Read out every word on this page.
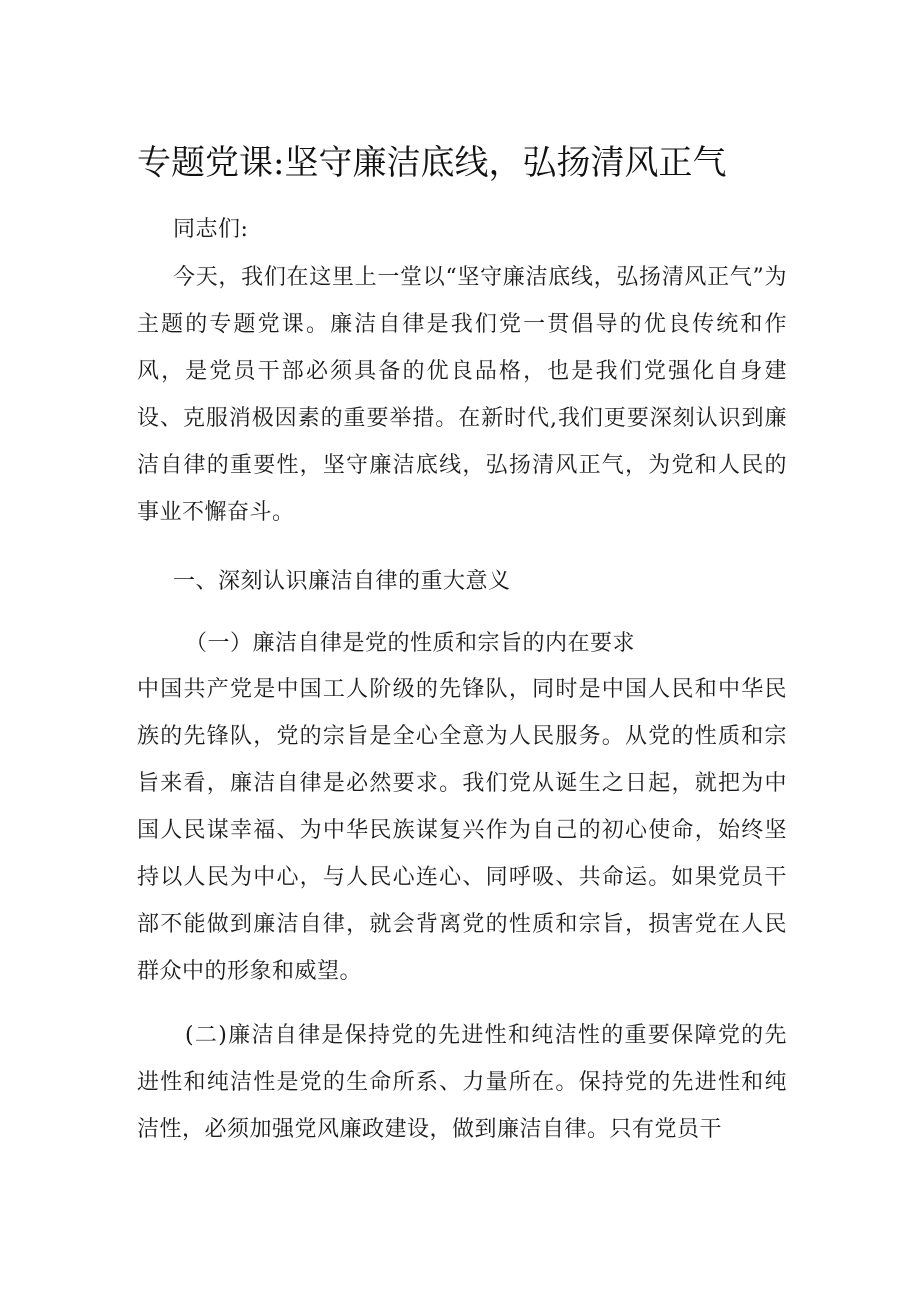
专题党课:坚守廉洁底线，弘扬清风正气

同志们:

今天，我们在这里上一堂以“坚守廉洁底线，弘扬清风正气”为主题的专题党课。廉洁自律是我们党一贯倡导的优良传统和作风，是党员干部必须具备的优良品格，也是我们党强化自身建设、克服消极因素的重要举措。在新时代,我们更要深刻认识到廉洁自律的重要性，坚守廉洁底线，弘扬清风正气，为党和人民的事业不懈奋斗。

一、深刻认识廉洁自律的重大意义

（一）廉洁自律是党的性质和宗旨的内在要求

中国共产党是中国工人阶级的先锋队，同时是中国人民和中华民族的先锋队，党的宗旨是全心全意为人民服务。从党的性质和宗旨来看，廉洁自律是必然要求。我们党从诞生之日起，就把为中国人民谋幸福、为中华民族谋复兴作为自己的初心使命，始终坚持以人民为中心，与人民心连心、同呼吸、共命运。如果党员干部不能做到廉洁自律，就会背离党的性质和宗旨，损害党在人民群众中的形象和威望。

(二)廉洁自律是保持党的先进性和纯洁性的重要保障党的先进性和纯洁性是党的生命所系、力量所在。保持党的先进性和纯洁性，必须加强党风廉政建设，做到廉洁自律。只有党员干
